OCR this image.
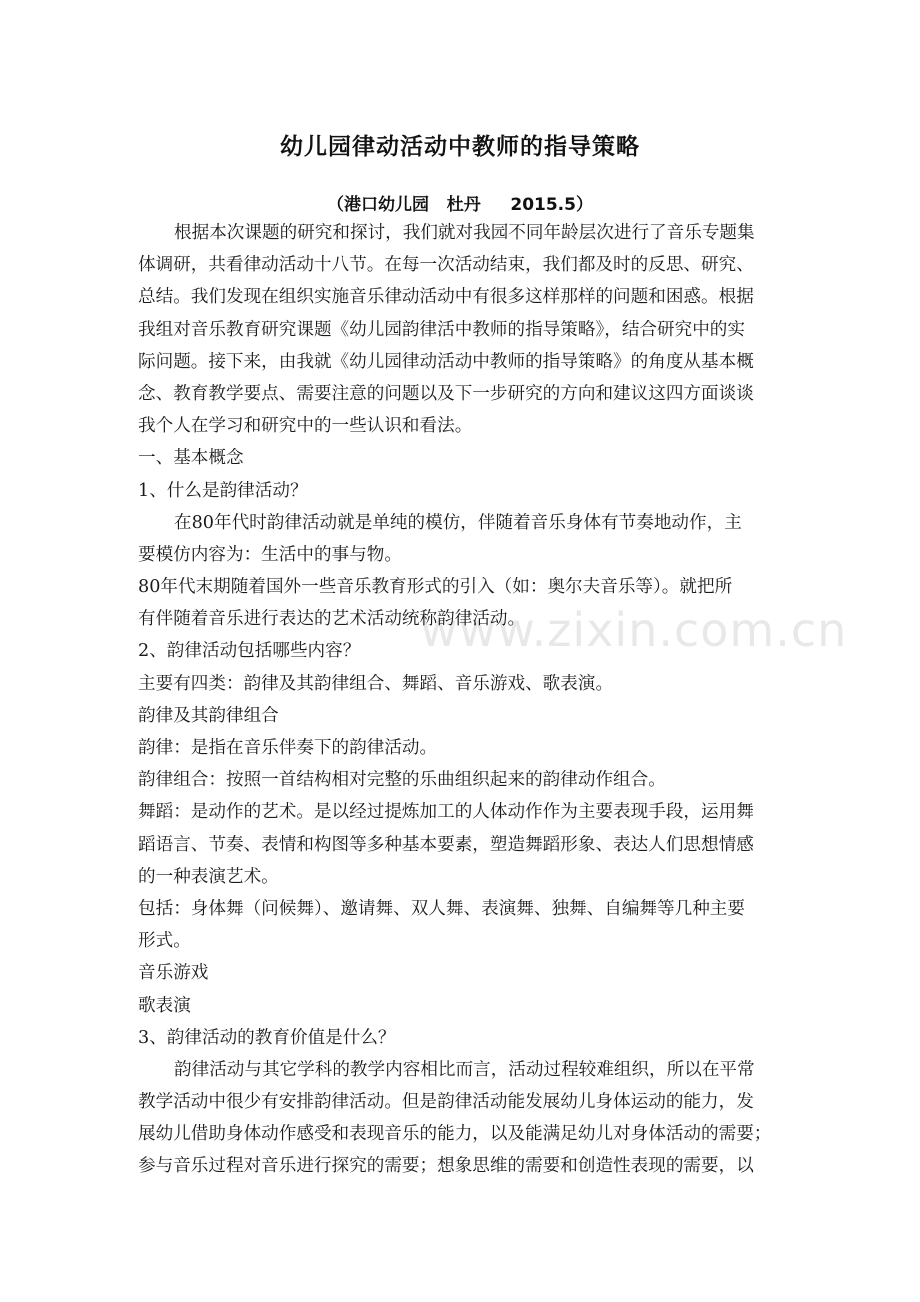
幼儿园律动活动中教师的指导策略
（港口幼儿园   杜丹     2015.5）
根据本次课题的研究和探讨，我们就对我园不同年龄层次进行了音乐专题集
体调研，共看律动活动十八节。在每一次活动结束，我们都及时的反思、研究、
总结。我们发现在组织实施音乐律动活动中有很多这样那样的问题和困惑。根据
我组对音乐教育研究课题《幼儿园韵律活中教师的指导策略》，结合研究中的实
际问题。接下来，由我就《幼儿园律动活动中教师的指导策略》的角度从基本概
念、教育教学要点、需要注意的问题以及下一步研究的方向和建议这四方面谈谈
我个人在学习和研究中的一些认识和看法。
一、基本概念
1、什么是韵律活动？
在80年代时韵律活动就是单纯的模仿，伴随着音乐身体有节奏地动作，主
要模仿内容为：生活中的事与物。
80年代末期随着国外一些音乐教育形式的引入（如：奥尔夫音乐等）。就把所
有伴随着音乐进行表达的艺术活动统称韵律活动。
2、韵律活动包括哪些内容？
主要有四类：韵律及其韵律组合、舞蹈、音乐游戏、歌表演。
韵律及其韵律组合
韵律：是指在音乐伴奏下的韵律活动。
韵律组合：按照一首结构相对完整的乐曲组织起来的韵律动作组合。
舞蹈：是动作的艺术。是以经过提炼加工的人体动作作为主要表现手段，运用舞
蹈语言、节奏、表情和构图等多种基本要素，塑造舞蹈形象、表达人们思想情感
的一种表演艺术。
包括：身体舞（问候舞）、邀请舞、双人舞、表演舞、独舞、自编舞等几种主要
形式。
音乐游戏
歌表演
3、韵律活动的教育价值是什么？
韵律活动与其它学科的教学内容相比而言，活动过程较难组织，所以在平常
教学活动中很少有安排韵律活动。但是韵律活动能发展幼儿身体运动的能力，发
展幼儿借助身体动作感受和表现音乐的能力，以及能满足幼儿对身体活动的需要；
参与音乐过程对音乐进行探究的需要；想象思维的需要和创造性表现的需要，以
www.zixin.com.cn
